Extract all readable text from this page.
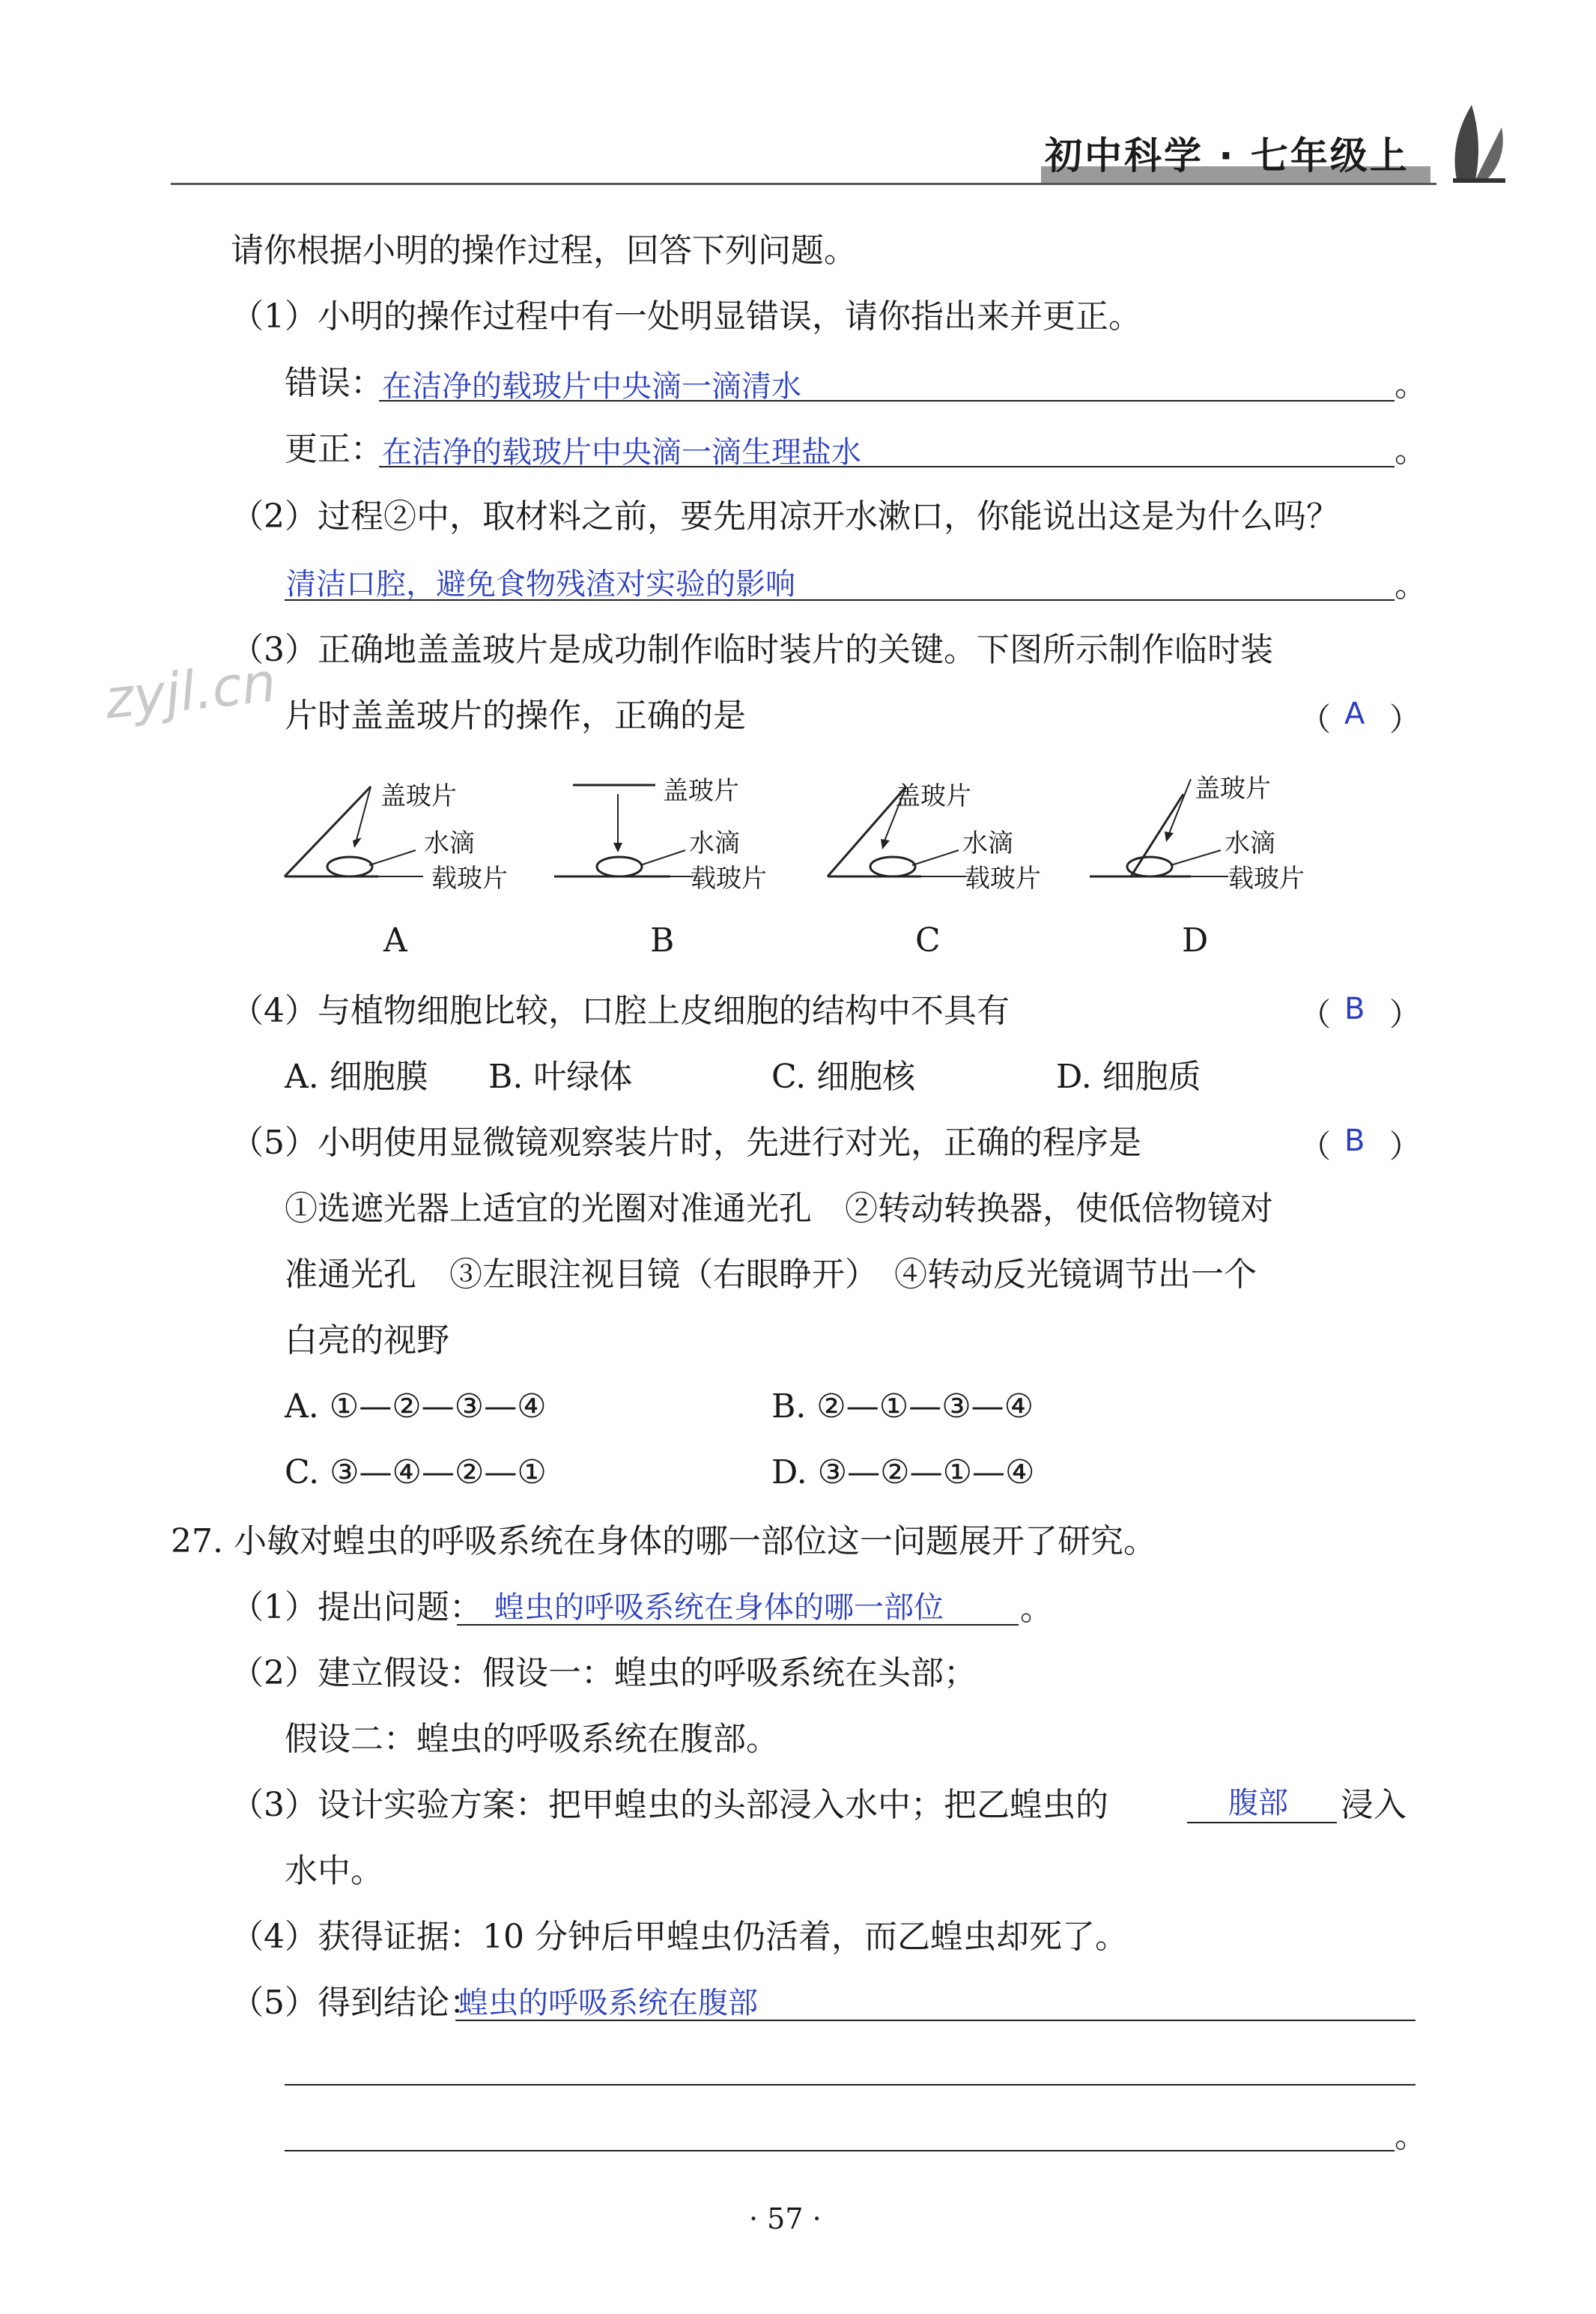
初中科学 · 七年级上
zyjl.cn
请你根据小明的操作过程，回答下列问题。
（1）小明的操作过程中有一处明显错误，请你指出来并更正。
错误：
在洁净的载玻片中央滴一滴清水	。
更正：
在洁净的载玻片中央滴一滴生理盐水	。
（2）过程②中，取材料之前，要先用凉开水漱口，你能说出这是为什么吗？
清洁口腔，避免食物残渣对实验的影响	。
（3）正确地盖盖玻片是成功制作临时装片的关键。下图所示制作临时装
片时盖盖玻片的操作，正确的是	（ A ）
盖玻片
水滴
载玻片
A
盖玻片
水滴
载玻片
B
盖玻片
水滴
载玻片
C
盖玻片
水滴
载玻片
D
（4）与植物细胞比较，口腔上皮细胞的结构中不具有	（ B ）
A. 细胞膜 B. 叶绿体	C. 细胞核	D. 细胞质
（5）小明使用显微镜观察装片时，先进行对光，正确的程序是	（ B ）
①选遮光器上适宜的光圈对准通光孔　②转动转换器，使低倍物镜对
准通光孔　③左眼注视目镜（右眼睁开）　④转动反光镜调节出一个
白亮的视野
A. ①—②—③—④	B. ②—①—③—④
C. ③—④—②—①	D. ③—②—①—④
27. 小敏对蝗虫的呼吸系统在身体的哪一部位这一问题展开了研究。
（1）提出问题： 蝗虫的呼吸系统在身体的哪一部位 。
（2）建立假设：假设一：蝗虫的呼吸系统在头部；
假设二：蝗虫的呼吸系统在腹部。
（3）设计实验方案：把甲蝗虫的头部浸入水中；把乙蝗虫的	腹部 浸入
水中。
（4）获得证据：10 分钟后甲蝗虫仍活着，而乙蝗虫却死了。
（5）得到结论：
蝗虫的呼吸系统在腹部
。
· 57 ·
